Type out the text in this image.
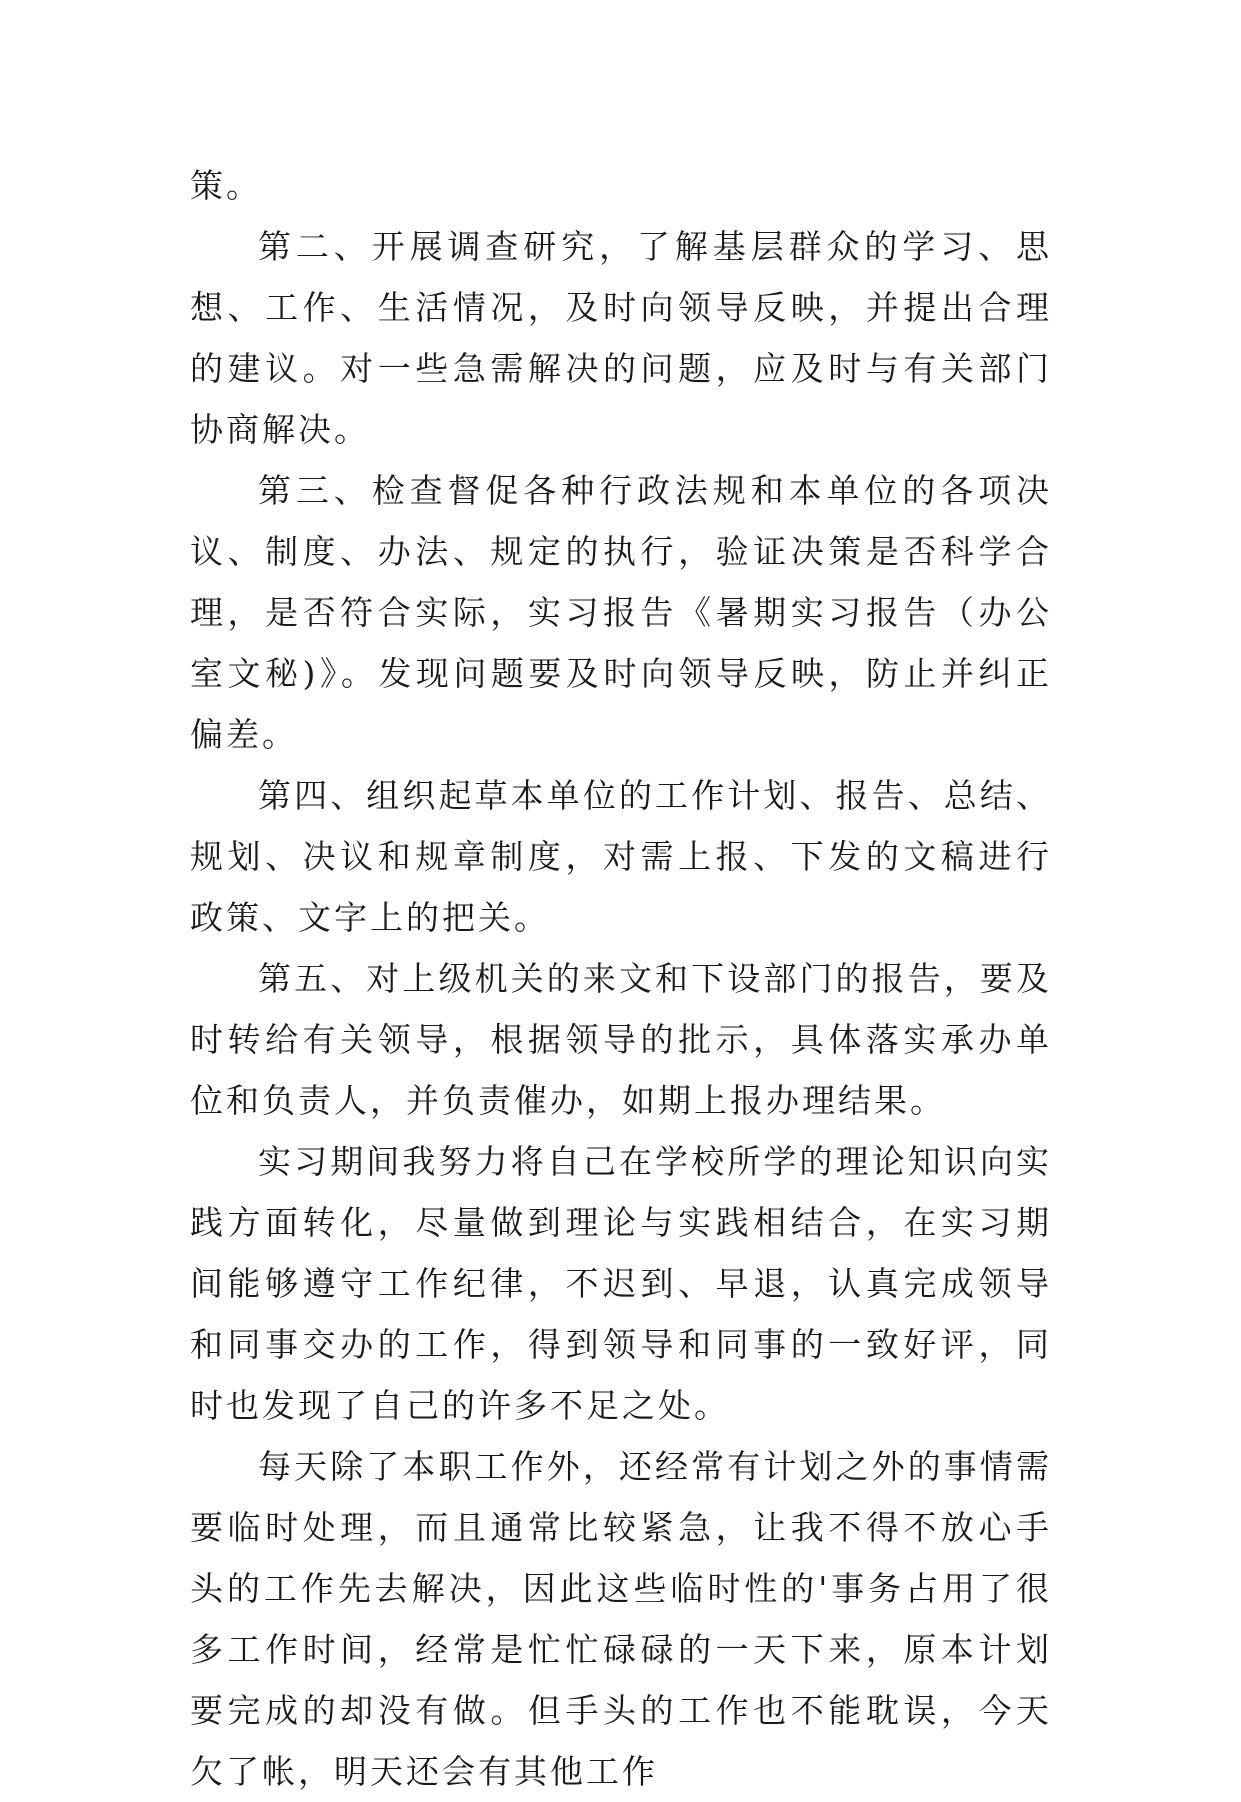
策。

第二、开展调查研究，了解基层群众的学习、思想、工作、生活情况，及时向领导反映，并提出合理的建议。对一些急需解决的问题，应及时与有关部门协商解决。

第三、检查督促各种行政法规和本单位的各项决议、制度、办法、规定的执行，验证决策是否科学合理，是否符合实际，实习报告《暑期实习报告（办公室文秘)》。发现问题要及时向领导反映，防止并纠正偏差。

第四、组织起草本单位的工作计划、报告、总结、规划、决议和规章制度，对需上报、下发的文稿进行政策、文字上的把关。

第五、对上级机关的来文和下设部门的报告，要及时转给有关领导，根据领导的批示，具体落实承办单位和负责人，并负责催办，如期上报办理结果。

实习期间我努力将自己在学校所学的理论知识向实践方面转化，尽量做到理论与实践相结合，在实习期间能够遵守工作纪律，不迟到、早退，认真完成领导和同事交办的工作，得到领导和同事的一致好评，同时也发现了自己的许多不足之处。

每天除了本职工作外，还经常有计划之外的事情需要临时处理，而且通常比较紧急，让我不得不放心手头的工作先去解决，因此这些临时性的'事务占用了很多工作时间，经常是忙忙碌碌的一天下来，原本计划要完成的却没有做。但手头的工作也不能耽误，今天欠了帐，明天还会有其他工作
